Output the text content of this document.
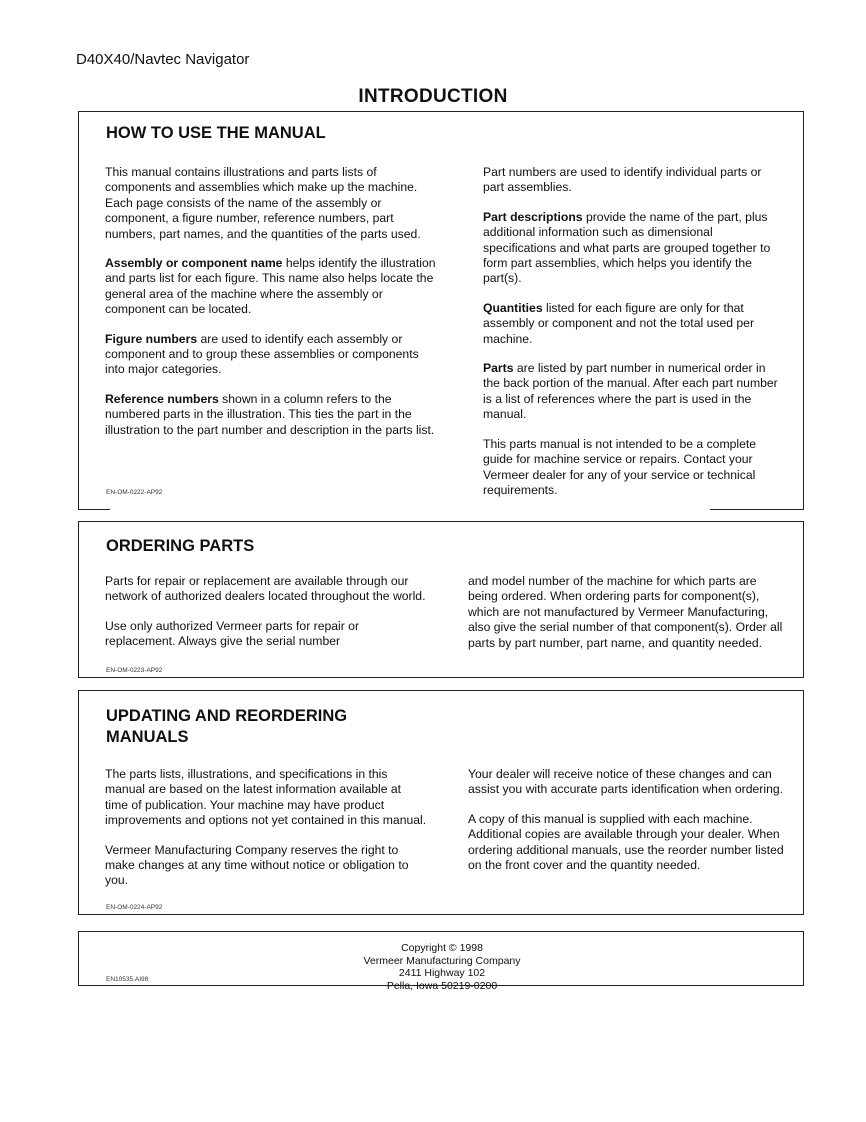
D40X40/Navtec Navigator
INTRODUCTION
HOW TO USE THE MANUAL

This manual contains illustrations and parts lists of components and assemblies which make up the machine. Each page consists of the name of the assembly or component, a figure number, reference numbers, part numbers, part names, and the quantities of the parts used.

Assembly or component name helps identify the illustration and parts list for each figure. This name also helps locate the general area of the machine where the assembly or component can be located.

Figure numbers are used to identify each assembly or component and to group these assemblies or components into major categories.

Reference numbers shown in a column refers to the numbered parts in the illustration. This ties the part in the illustration to the part number and description in the parts list.

Part numbers are used to identify individual parts or part assemblies.

Part descriptions provide the name of the part, plus additional information such as dimensional specifications and what parts are grouped together to form part assemblies, which helps you identify the part(s).

Quantities listed for each figure are only for that assembly or component and not the total used per machine.

Parts are listed by part number in numerical order in the back portion of the manual. After each part number is a list of references where the part is used in the manual.

This parts manual is not intended to be a complete guide for machine service or repairs. Contact your Vermeer dealer for any of your service or technical requirements.

EN-OM-0222-AP92
ORDERING PARTS

Parts for repair or replacement are available through our network of authorized dealers located throughout the world.

Use only authorized Vermeer parts for repair or replacement. Always give the serial number

and model number of the machine for which parts are being ordered. When ordering parts for component(s), which are not manufactured by Vermeer Manufacturing, also give the serial number of that component(s). Order all parts by part number, part name, and quantity needed.

EN-OM-0223-AP92
UPDATING AND REORDERING
MANUALS

The parts lists, illustrations, and specifications in this manual are based on the latest information available at time of publication. Your machine may have product improvements and options not yet contained in this manual.

Vermeer Manufacturing Company reserves the right to make changes at any time without notice or obligation to you.

Your dealer will receive notice of these changes and can assist you with accurate parts identification when ordering.

A copy of this manual is supplied with each machine. Additional copies are available through your dealer. When ordering additional manuals, use the reorder number listed on the front cover and the quantity needed.

EN-OM-0224-AP92
Copyright © 1998
Vermeer Manufacturing Company
2411 Highway 102
Pella, Iowa 50219-0200
EN10535.AI98
